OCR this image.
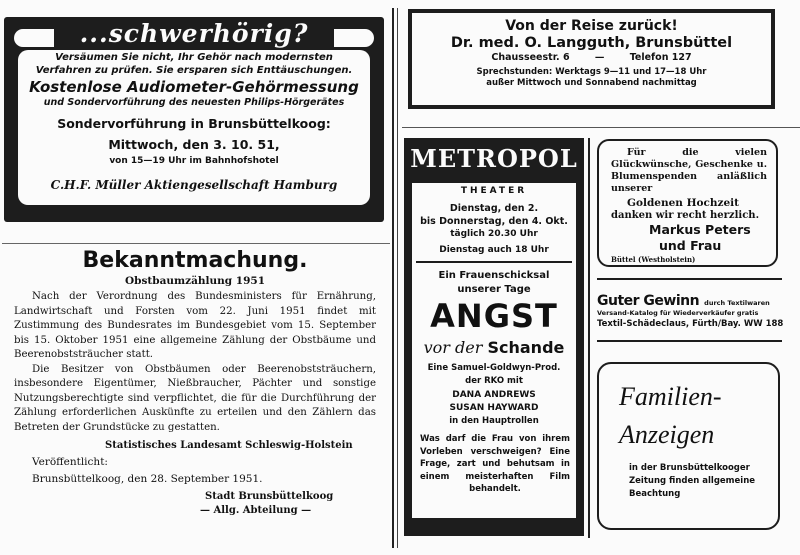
...schwerhörig?
Versäumen Sie nicht, Ihr Gehör nach modernsten
Verfahren zu prüfen. Sie ersparen sich Enttäuschungen.
Kostenlose Audiometer-Gehörmessung
und Sondervorführung des neuesten Philips-Hörgerätes
Sondervorführung in Brunsbüttelkoog:
Mittwoch, den 3. 10. 51,
von 15—19 Uhr im Bahnhofshotel
C.H.F. Müller Aktiengesellschaft Hamburg
Bekanntmachung.
Obstbaumzählung 1951

Nach der Verordnung des Bundesministers für Ernährung, Landwirtschaft und Forsten vom 22. Juni 1951 findet mit Zustimmung des Bundesrates im Bundesgebiet vom 15. September bis 15. Oktober 1951 eine allgemeine Zählung der Obstbäume und Beerenobststräucher statt.

Die Besitzer von Obstbäumen oder Beerenobststräuchern, insbesondere Eigentümer, Nießbraucher, Pächter und sonstige Nutzungsberechtigte sind verpflichtet, die für die Durchführung der Zählung erforderlichen Auskünfte zu erteilen und den Zählern das Betreten der Grundstücke zu gestatten.

Statistisches Landesamt Schleswig-Holstein
Veröffentlicht:
Brunsbüttelkoog, den 28. September 1951.
Stadt Brunsbüttelkoog
— Allg. Abteilung —
Von der Reise zurück!
Dr. med. O. Langguth, Brunsbüttel
Chausseestr. 6	—	Telefon 127
Sprechstunden: Werktags 9—11 und 17—18 Uhr
außer Mittwoch und Sonnabend nachmittag
METROPOL
THEATER
Dienstag, den 2.
bis Donnerstag, den 4. Okt.
täglich 20.30 Uhr
Dienstag auch 18 Uhr
Ein Frauenschicksal
unserer Tage
ANGST
vor der Schande
Eine Samuel-Goldwyn-Prod.
der RKO mit
DANA ANDREWS
SUSAN HAYWARD
in den Hauptrollen
Was darf die Frau von ihrem Vorleben verschweigen? Eine Frage, zart und behutsam in einem meisterhaften Film behandelt.
Für die vielen Glückwünsche, Geschenke u. Blumenspenden anläßlich unserer
Goldenen Hochzeit
danken wir recht herzlich.
Markus Peters
und Frau
Büttel (Westholstein)
Guter Gewinn durch Textilwaren
Versand-Katalog für Wiederverkäufer gratis
Textil-Schädeclaus, Fürth/Bay. WW 188
Familien-
Anzeigen
in der Brunsbüttelkooger Zeitung finden allgemeine Beachtung
